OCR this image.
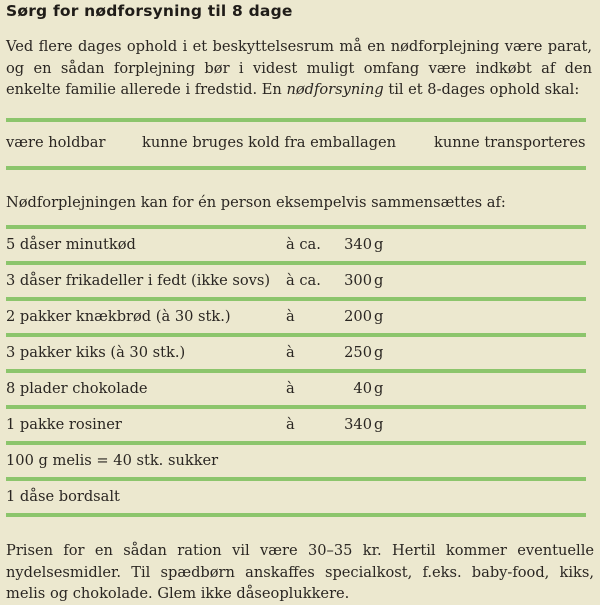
Sørg for nødforsyning til 8 dage
Ved flere dages ophold i et beskyttelsesrum må en nødforplejning være parat, og en sådan forplejning bør i videst muligt omfang være indkøbt af den enkelte familie allerede i fredstid. En nødforsyning til et 8-dages ophold skal:
være holdbar	kunne bruges kold fra emballagen	kunne transporteres
Nødforplejningen kan for én person eksempelvis sammensættes af:
5 dåser minutkød	à ca.	340 g
3 dåser frikadeller i fedt (ikke sovs) à ca.	300 g
2 pakker knækbrød (à 30 stk.)	à	200 g
3 pakker kiks (à 30 stk.)	à	250 g
8 plader chokolade	à	40 g
1 pakke rosiner	à	340 g
100 g melis = 40 stk. sukker
1 dåse bordsalt
Prisen for en sådan ration vil være 30–35 kr. Hertil kommer eventuelle nydelsesmidler. Til spædbørn anskaffes specialkost, f.eks. baby-food, kiks, melis og chokolade. Glem ikke dåseoplukkere.
